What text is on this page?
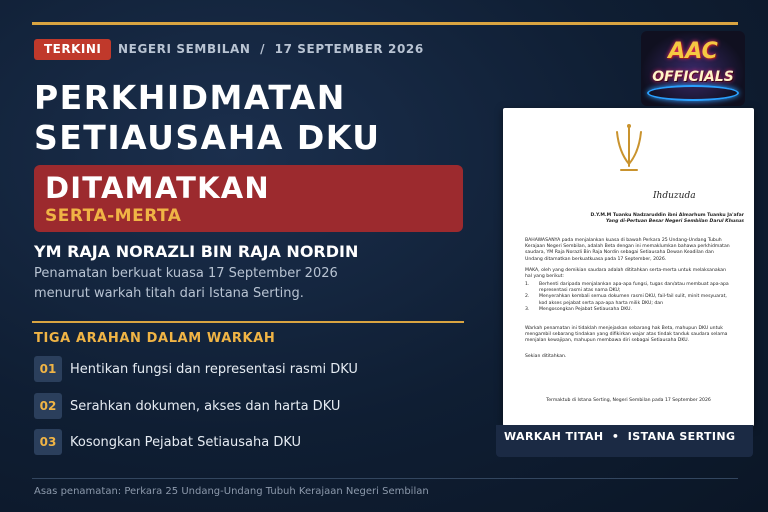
TERKINI	NEGERI SEMBILAN  /  17 SEPTEMBER 2026
PERKHIDMATAN
SETIAUSAHA DKU
DITAMATKAN
SERTA-MERTA
YM RAJA NORAZLI BIN RAJA NORDIN
Penamatan berkuat kuasa 17 September 2026
menurut warkah titah dari Istana Serting.
TIGA ARAHAN DALAM WARKAH
01	Hentikan fungsi dan representasi rasmi DKU
02	Serahkan dokumen, akses dan harta DKU
03	Kosongkan Pejabat Setiausaha DKU
Asas penamatan: Perkara 25 Undang-Undang Tubuh Kerajaan Negeri Sembilan
AAC
OFFICIALS
Ihduzuda
D.Y.M.M Tuanku Nadzaruddin ibni Almarhum Tuanku Ja'afar
Yang di-Pertuan Besar Negeri Sembilan Darul Khusus
BAHAWASANYA pada menjalankan kuasa di bawah Perkara 25 Undang-Undang Tubuh Kerajaan Negeri Sembilan, adalah Beta dengan ini memaklumkan bahawa perkhidmatan saudara, YM Raja Norazli Bin Raja Nordin sebagai Setiausaha Dewan Keadilan dan Undang ditamatkan berkuatkuasa pada 17 September, 2026.
MAKA, oleh yang demikian saudara adalah dititahkan serta-merta untuk melaksanakan hal yang berikut:
1.	Berhenti daripada menjalankan apa-apa fungsi, tugas dan/atau membuat apa-apa representasi rasmi atas nama DKU;
2.	Menyerahkan kembali semua dokumen rasmi DKU, fail-fail sulit, minit mesyuarat, kod akses pejabat serta apa-apa harta milik DKU; dan
3.	Mengosongkan Pejabat Setiausaha DKU.
Warkah penamatan ini tidaklah menjejaskan sebarang hak Beta, mahupun DKU untuk mengambil sebarang tindakan yang difikirkan wajar atas tindak tanduk saudara selama menjalan kewajipan, mahupun membawa diri sebagai Setiausaha DKU.
Sekian dititahkan.
Termaktub di Istana Serting, Negeri Sembilan pada 17 September 2026
WARKAH TITAH  •  ISTANA SERTING
